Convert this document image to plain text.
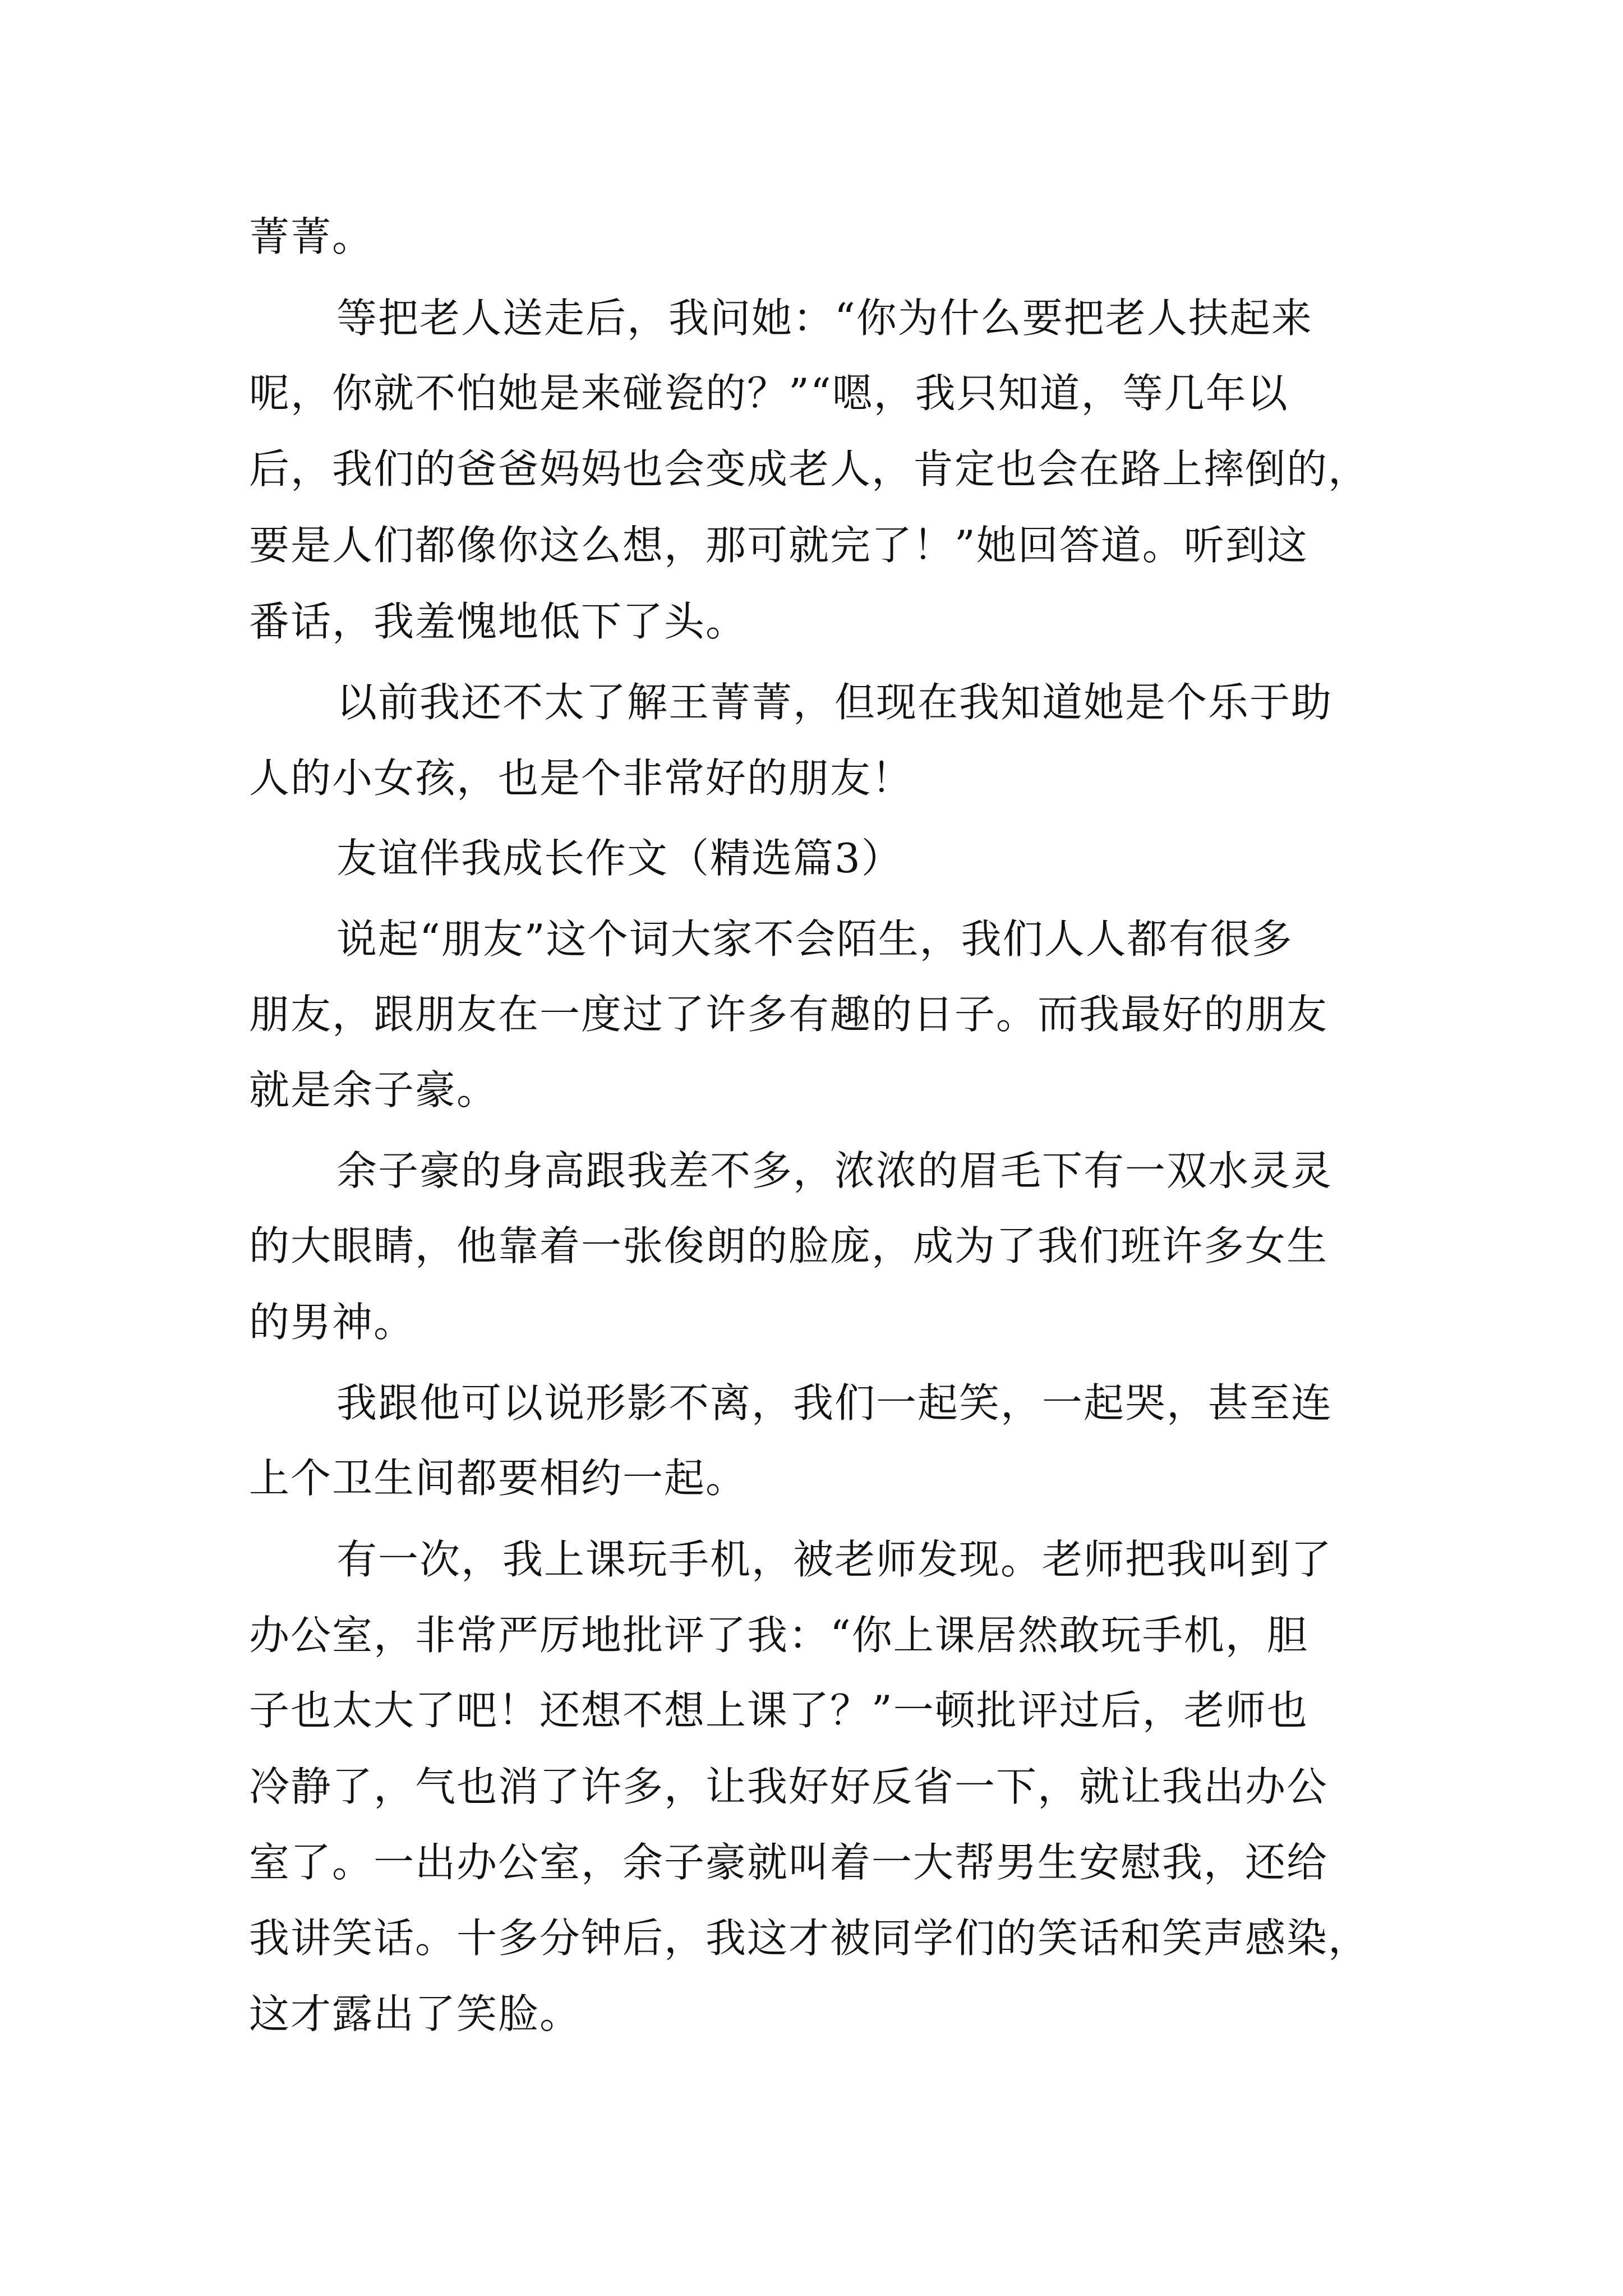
菁菁。
等把老人送走后，我问她：“你为什么要把老人扶起来
呢，你就不怕她是来碰瓷的？”“嗯，我只知道，等几年以
后，我们的爸爸妈妈也会变成老人，肯定也会在路上摔倒的，
要是人们都像你这么想，那可就完了！”她回答道。听到这
番话，我羞愧地低下了头。
以前我还不太了解王菁菁，但现在我知道她是个乐于助
人的小女孩，也是个非常好的朋友！
友谊伴我成长作文（精选篇3）
说起“朋友”这个词大家不会陌生，我们人人都有很多
朋友，跟朋友在一度过了许多有趣的日子。而我最好的朋友
就是余子豪。
余子豪的身高跟我差不多，浓浓的眉毛下有一双水灵灵
的大眼睛，他靠着一张俊朗的脸庞，成为了我们班许多女生
的男神。
我跟他可以说形影不离，我们一起笑，一起哭，甚至连
上个卫生间都要相约一起。
有一次，我上课玩手机，被老师发现。老师把我叫到了
办公室，非常严厉地批评了我：“你上课居然敢玩手机，胆
子也太大了吧！还想不想上课了？”一顿批评过后，老师也
冷静了，气也消了许多，让我好好反省一下，就让我出办公
室了。一出办公室，余子豪就叫着一大帮男生安慰我，还给
我讲笑话。十多分钟后，我这才被同学们的笑话和笑声感染，
这才露出了笑脸。
